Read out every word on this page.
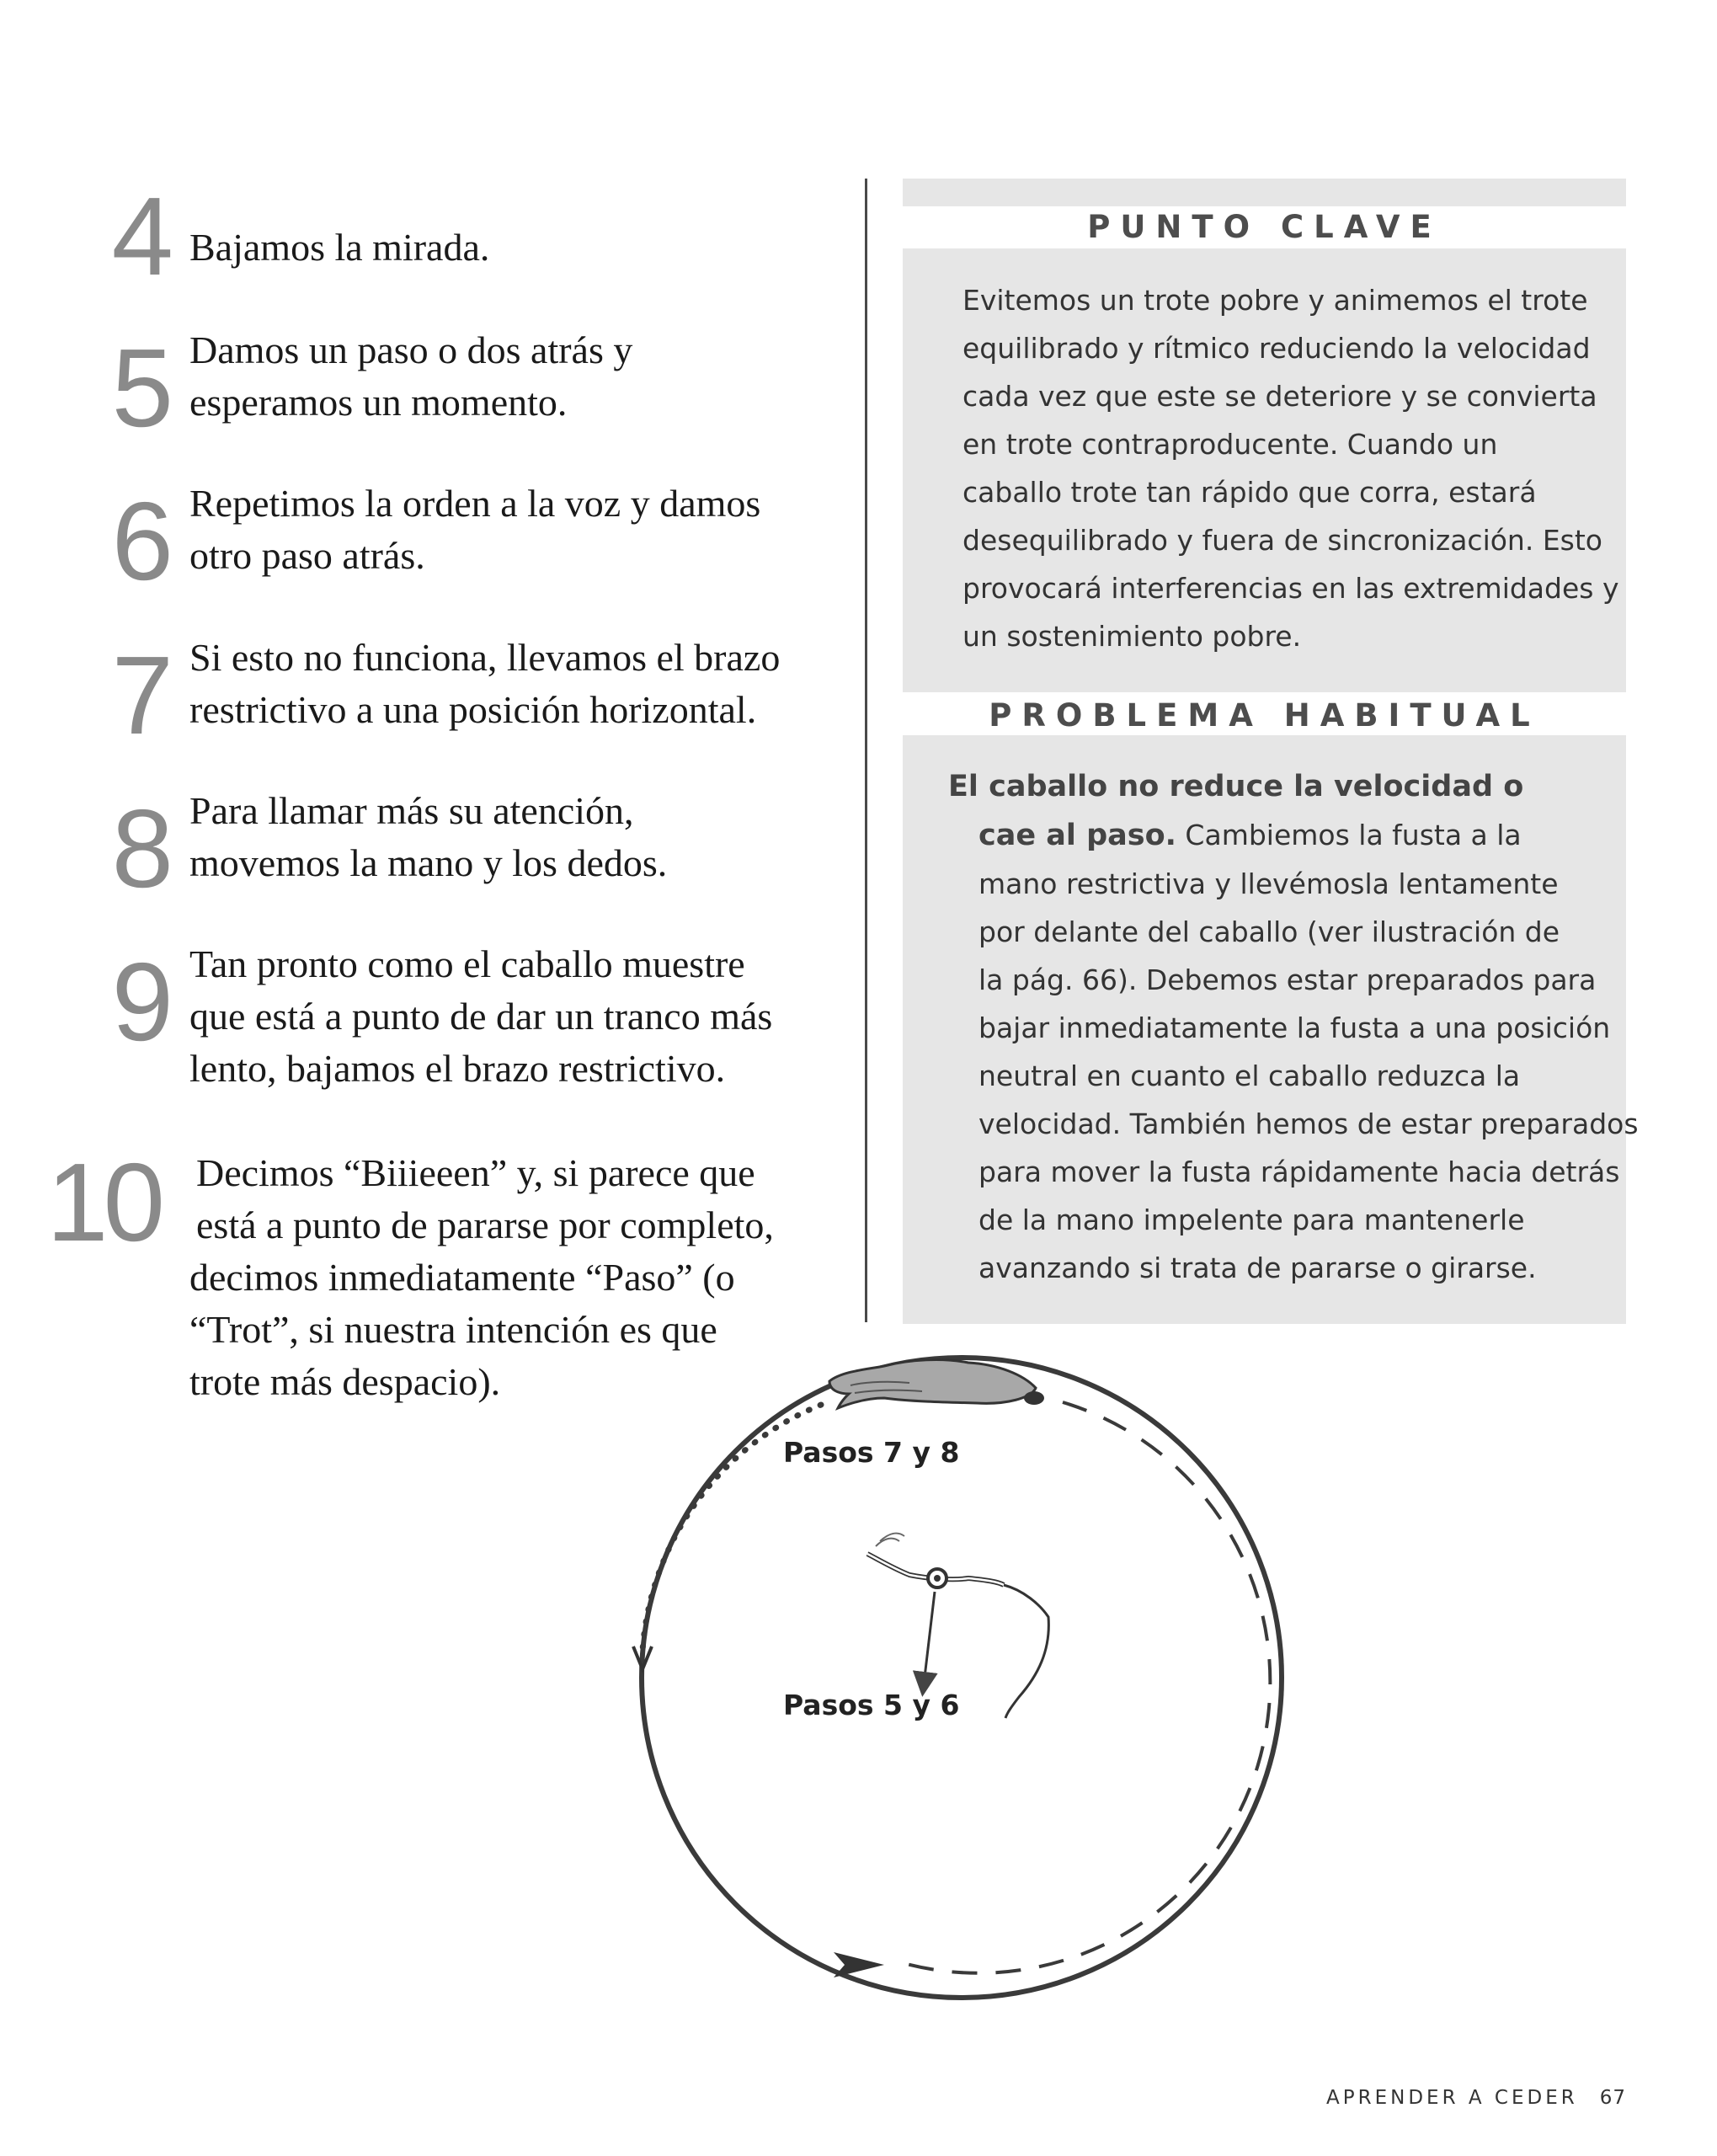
4 Bajamos la mirada.
5 Damos un paso o dos atrás y
esperamos un momento.
6 Repetimos la orden a la voz y damos
otro paso atrás.
7 Si esto no funciona, llevamos el brazo
restrictivo a una posición horizontal.
8 Para llamar más su atención,
movemos la mano y los dedos.
9 Tan pronto como el caballo muestre
que está a punto de dar un tranco más
lento, bajamos el brazo restrictivo.
10 Decimos “Biiieeen” y, si parece que
está a punto de pararse por completo,
decimos inmediatamente “Paso” (o
“Trot”, si nuestra intención es que
trote más despacio).
PUNTO CLAVE
Evitemos un trote pobre y animemos el trote
equilibrado y rítmico reduciendo la velocidad
cada vez que este se deteriore y se convierta
en trote contraproducente. Cuando un
caballo trote tan rápido que corra, estará
desequilibrado y fuera de sincronización. Esto
provocará interferencias en las extremidades y
un sostenimiento pobre.
PROBLEMA HABITUAL
El caballo no reduce la velocidad o
cae al paso. Cambiemos la fusta a la
mano restrictiva y llevémosla lentamente
por delante del caballo (ver ilustración de
la pág. 66). Debemos estar preparados para
bajar inmediatamente la fusta a una posición
neutral en cuanto el caballo reduzca la
velocidad. También hemos de estar preparados
para mover la fusta rápidamente hacia detrás
de la mano impelente para mantenerle
avanzando si trata de pararse o girarse.
Pasos 7 y 8
Pasos 5 y 6
APRENDER A CEDER 67
